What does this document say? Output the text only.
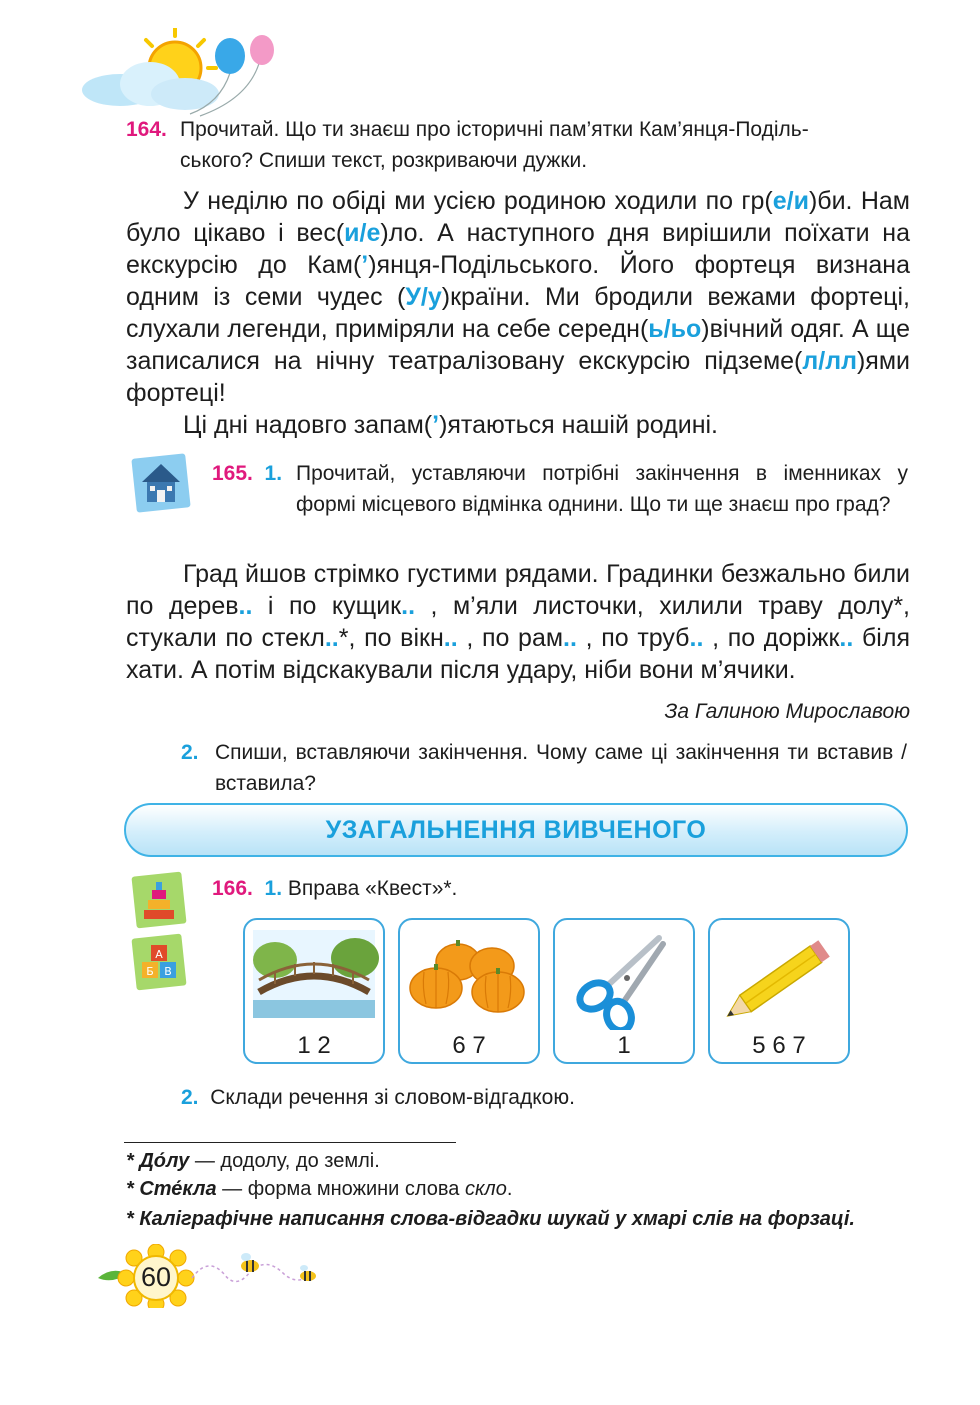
164. Прочитай. Що ти знаєш про історичні пам’ятки Кам’янця-Поділь-
ського? Спиши текст, розкриваючи дужки.

У неділю по обіді ми усією родиною ходили по гр(е/и)би. Нам було цікаво і вес(и/е)ло. А наступного дня вирішили поїхати на екскурсію до Кам(’)янця-Подільського. Його фортеця визнана одним із семи чудес (У/у)країни. Ми бродили вежами фортеці, слухали легенди, приміряли на себе середн(ь/ьо)вічний одяг. А ще записалися на нічну театралізовану екскурсію підземе(л/лл)ями фортеці!

Ці дні надовго запам(’)ятаються нашій родині.

165. 1. Прочитай, уставляючи потрібні закінчення в іменниках у формі місцевого відмінка однини. Що ти ще знаєш про град?

Град йшов стрімко густими рядами. Градинки безжально били по дерев.. і по кущик.. , м’яли листочки, хилили траву долу*, стукали по стекл..*, по вікн.. , по рам.. , по труб.. , по доріжк.. біля хати. А потім відскакували після удару, ніби вони м’ячики.

За Галиною Мирославою
2. Спиши, вставляючи закінчення. Чому саме ці закінчення ти вставив / вставила?
УЗАГАЛЬНЕННЯ ВИВЧЕНОГО
Б В
А
166. 1. Вправа «Квест»*.
1 2	6 7	1	5 6 7
2. Склади речення зі словом-відгадкою.
* До́лу — додолу, до землі.
* Сте́кла — форма множини слова скло.
* Каліграфічне написання слова-відгадки шукай у хмарі слів на форзаці.
60
